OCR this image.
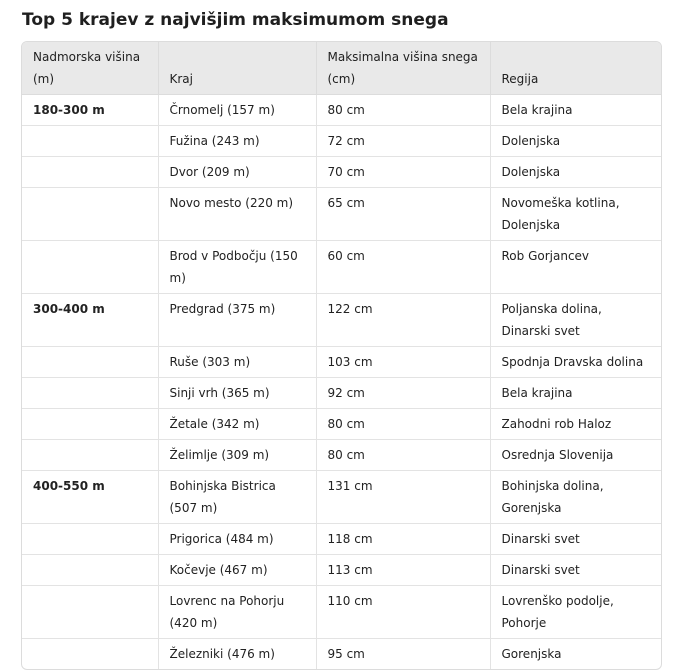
Top 5 krajev z najvišjim maksimumom snega
Nadmorska višina (m)	Kraj	Maksimalna višina snega (cm)	Regija
180-300 m	Črnomelj (157 m)	80 cm	Bela krajina
	Fužina (243 m)	72 cm	Dolenjska
	Dvor (209 m)	70 cm	Dolenjska
	Novo mesto (220 m)	65 cm	Novomeška kotlina, Dolenjska
	Brod v Podbočju (150 m)	60 cm	Rob Gorjancev
300-400 m	Predgrad (375 m)	122 cm	Poljanska dolina, Dinarski svet
	Ruše (303 m)	103 cm	Spodnja Dravska dolina
	Sinji vrh (365 m)	92 cm	Bela krajina
	Žetale (342 m)	80 cm	Zahodni rob Haloz
	Želimlje (309 m)	80 cm	Osrednja Slovenija
400-550 m	Bohinjska Bistrica (507 m)	131 cm	Bohinjska dolina, Gorenjska
	Prigorica (484 m)	118 cm	Dinarski svet
	Kočevje (467 m)	113 cm	Dinarski svet
	Lovrenc na Pohorju (420 m)	110 cm	Lovrenško podolje, Pohorje
	Železniki (476 m)	95 cm	Gorenjska
